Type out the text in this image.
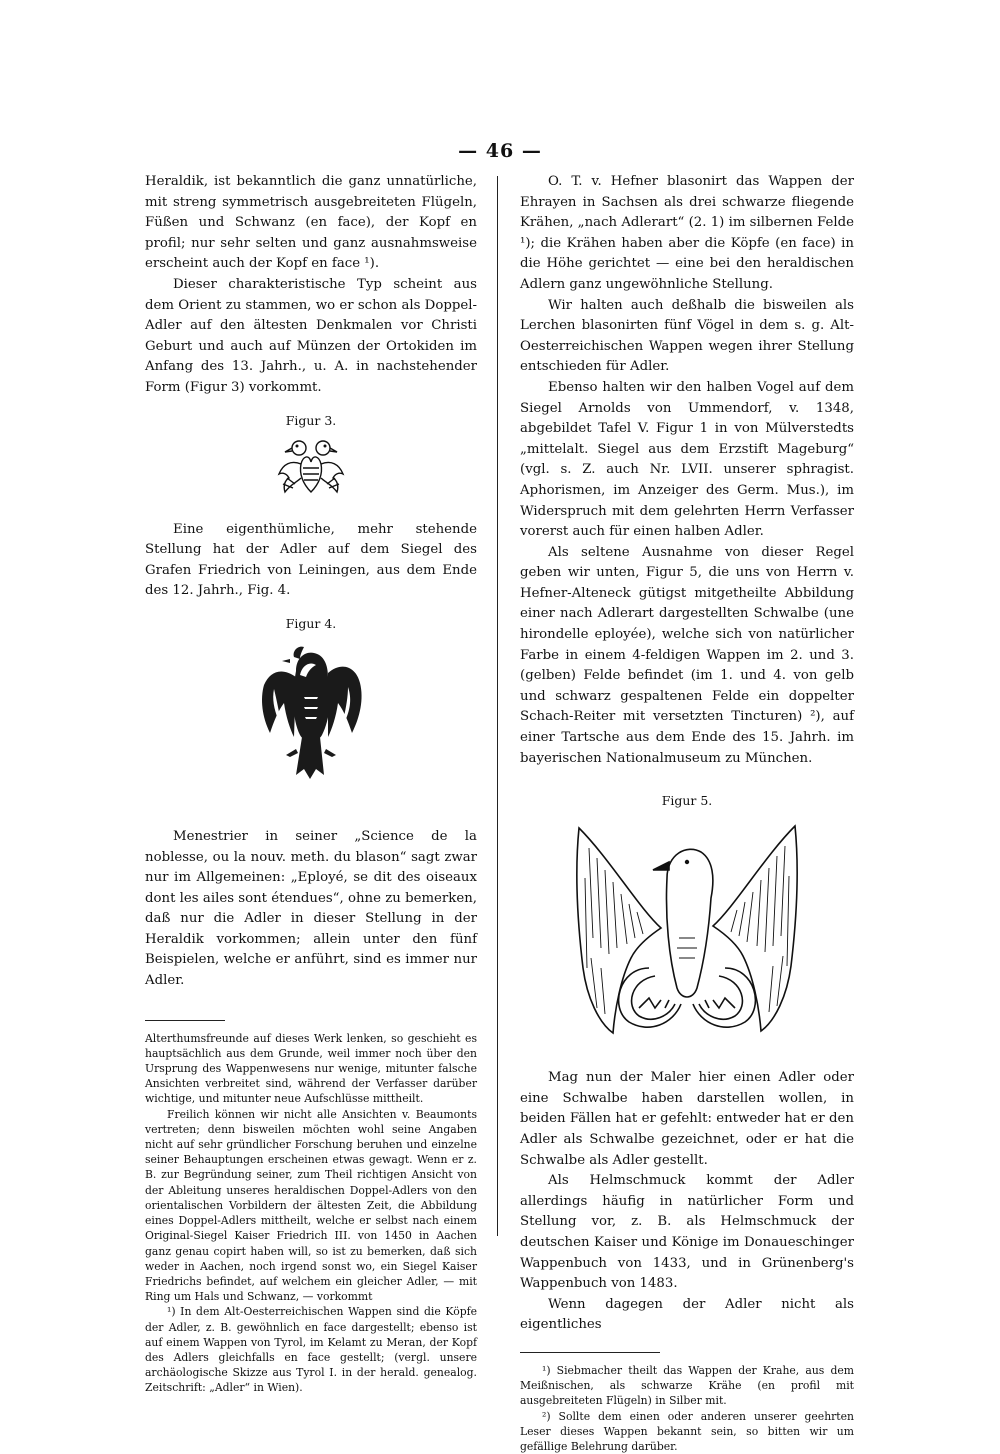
— 46 —

Heraldik, ist bekanntlich die ganz unnatürliche, mit streng symmetrisch ausgebreiteten Flügeln, Füßen und Schwanz (en face), der Kopf en profil; nur sehr selten und ganz ausnahmsweise erscheint auch der Kopf en face ¹).

Dieser charakteristische Typ scheint aus dem Orient zu stammen, wo er schon als Doppel-Adler auf den ältesten Denkmalen vor Christi Geburt und auch auf Münzen der Ortokiden im Anfang des 13. Jahrh., u. A. in nachstehender Form (Figur 3) vorkommt.

Figur 3.

Eine eigenthümliche, mehr stehende Stellung hat der Adler auf dem Siegel des Grafen Friedrich von Leiningen, aus dem Ende des 12. Jahrh., Fig. 4.

Figur 4.

Menestrier in seiner „Science de la noblesse, ou la nouv. meth. du blason“ sagt zwar nur im Allgemeinen: „Eployé, se dit des oiseaux dont les ailes sont étendues“, ohne zu bemerken, daß nur die Adler in dieser Stellung in der Heraldik vorkommen; allein unter den fünf Beispielen, welche er anführt, sind es immer nur Adler.

Alterthumsfreunde auf dieses Werk lenken, so geschieht es hauptsächlich aus dem Grunde, weil immer noch über den Ursprung des Wappenwesens nur wenige, mitunter falsche Ansichten verbreitet sind, während der Verfasser darüber wichtige, und mitunter neue Aufschlüsse mittheilt.

Freilich können wir nicht alle Ansichten v. Beaumonts vertreten; denn bisweilen möchten wohl seine Angaben nicht auf sehr gründlicher Forschung beruhen und einzelne seiner Behauptungen erscheinen etwas gewagt. Wenn er z. B. zur Begründung seiner, zum Theil richtigen Ansicht von der Ableitung unseres heraldischen Doppel-Adlers von den orientalischen Vorbildern der ältesten Zeit, die Abbildung eines Doppel-Adlers mittheilt, welche er selbst nach einem Original-Siegel Kaiser Friedrich III. von 1450 in Aachen ganz genau copirt haben will, so ist zu bemerken, daß sich weder in Aachen, noch irgend sonst wo, ein Siegel Kaiser Friedrichs befindet, auf welchem ein gleicher Adler, — mit Ring um Hals und Schwanz, — vorkommt

¹) In dem Alt-Oesterreichischen Wappen sind die Köpfe der Adler, z. B. gewöhnlich en face dargestellt; ebenso ist auf einem Wappen von Tyrol, im Kelamt zu Meran, der Kopf des Adlers gleichfalls en face gestellt; (vergl. unsere archäologische Skizze aus Tyrol I. in der herald. genealog. Zeitschrift: „Adler“ in Wien).

O. T. v. Hefner blasonirt das Wappen der Ehrayen in Sachsen als drei schwarze fliegende Krähen, „nach Adlerart“ (2. 1) im silbernen Felde ¹); die Krähen haben aber die Köpfe (en face) in die Höhe gerichtet — eine bei den heraldischen Adlern ganz ungewöhnliche Stellung.

Wir halten auch deßhalb die bisweilen als Lerchen blasonirten fünf Vögel in dem s. g. Alt-Oesterreichischen Wappen wegen ihrer Stellung entschieden für Adler.

Ebenso halten wir den halben Vogel auf dem Siegel Arnolds von Ummendorf, v. 1348, abgebildet Tafel V. Figur 1 in von Mülverstedts „mittelalt. Siegel aus dem Erzstift Mageburg“ (vgl. s. Z. auch Nr. LVII. unserer sphragist. Aphorismen, im Anzeiger des Germ. Mus.), im Widerspruch mit dem gelehrten Herrn Verfasser vorerst auch für einen halben Adler.

Als seltene Ausnahme von dieser Regel geben wir unten, Figur 5, die uns von Herrn v. Hefner-Alteneck gütigst mitgetheilte Abbildung einer nach Adlerart dargestellten Schwalbe (une hirondelle eployée), welche sich von natürlicher Farbe in einem 4-feldigen Wappen im 2. und 3. (gelben) Felde befindet (im 1. und 4. von gelb und schwarz gespaltenen Felde ein doppelter Schach-Reiter mit versetzten Tincturen) ²), auf einer Tartsche aus dem Ende des 15. Jahrh. im bayerischen Nationalmuseum zu München.

Figur 5.

Mag nun der Maler hier einen Adler oder eine Schwalbe haben darstellen wollen, in beiden Fällen hat er gefehlt: entweder hat er den Adler als Schwalbe gezeichnet, oder er hat die Schwalbe als Adler gestellt.

Als Helmschmuck kommt der Adler allerdings häufig in natürlicher Form und Stellung vor, z. B. als Helmschmuck der deutschen Kaiser und Könige im Donaueschinger Wappenbuch von 1433, und in Grünenberg's Wappenbuch von 1483.

Wenn dagegen der Adler nicht als eigentliches

¹) Siebmacher theilt das Wappen der Krahe, aus dem Meißnischen, als schwarze Krähe (en profil mit ausgebreiteten Flügeln) in Silber mit.

²) Sollte dem einen oder anderen unserer geehrten Leser dieses Wappen bekannt sein, so bitten wir um gefällige Belehrung darüber.
